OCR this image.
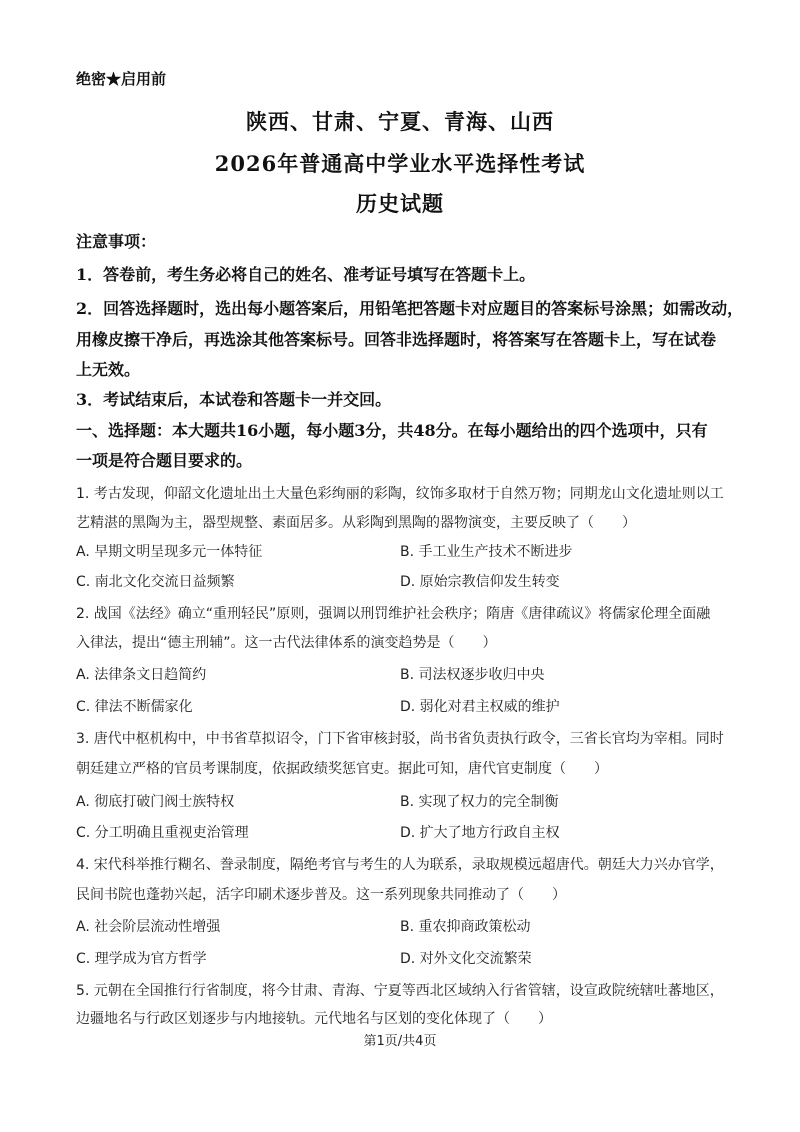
绝密★启用前
陕西、甘肃、宁夏、青海、山西
2026年普通高中学业水平选择性考试
历史试题
注意事项：
1．答卷前，考生务必将自己的姓名、准考证号填写在答题卡上。
2．回答选择题时，选出每小题答案后，用铅笔把答题卡对应题目的答案标号涂黑；如需改动，
用橡皮擦干净后，再选涂其他答案标号。回答非选择题时，将答案写在答题卡上，写在试卷
上无效。
3．考试结束后，本试卷和答题卡一并交回。
一、选择题：本大题共16小题，每小题3分，共48分。在每小题给出的四个选项中，只有
一项是符合题目要求的。
1. 考古发现，仰韶文化遗址出土大量色彩绚丽的彩陶，纹饰多取材于自然万物；同期龙山文化遗址则以工
艺精湛的黑陶为主，器型规整、素面居多。从彩陶到黑陶的器物演变，主要反映了（　　）
A. 早期文明呈现多元一体特征	B. 手工业生产技术不断进步
C. 南北文化交流日益频繁	D. 原始宗教信仰发生转变
2. 战国《法经》确立“重刑轻民”原则，强调以刑罚维护社会秩序；隋唐《唐律疏议》将儒家伦理全面融
入律法，提出“德主刑辅”。这一古代法律体系的演变趋势是（　　）
A. 法律条文日趋简约	B. 司法权逐步收归中央
C. 律法不断儒家化	D. 弱化对君主权威的维护
3. 唐代中枢机构中，中书省草拟诏令，门下省审核封驳，尚书省负责执行政令，三省长官均为宰相。同时
朝廷建立严格的官员考课制度，依据政绩奖惩官吏。据此可知，唐代官吏制度（　　）
A. 彻底打破门阀士族特权	B. 实现了权力的完全制衡
C. 分工明确且重视吏治管理	D. 扩大了地方行政自主权
4. 宋代科举推行糊名、誊录制度，隔绝考官与考生的人为联系，录取规模远超唐代。朝廷大力兴办官学，
民间书院也蓬勃兴起，活字印刷术逐步普及。这一系列现象共同推动了（　　）
A. 社会阶层流动性增强	B. 重农抑商政策松动
C. 理学成为官方哲学	D. 对外文化交流繁荣
5. 元朝在全国推行行省制度，将今甘肃、青海、宁夏等西北区域纳入行省管辖，设宣政院统辖吐蕃地区，
边疆地名与行政区划逐步与内地接轨。元代地名与区划的变化体现了（　　）
第1页/共4页
